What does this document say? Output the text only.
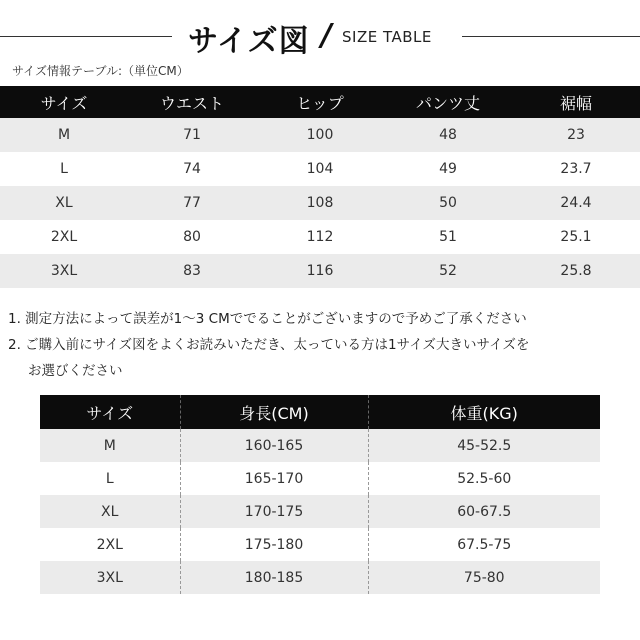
サイズ図 / SIZE TABLE
サイズ情報テーブル:（単位CM）
サイズ	ウエスト	ヒップ	パンツ丈	裾幅
M	71	100	48	23
L	74	104	49	23.7
XL	77	108	50	24.4
2XL	80	112	51	25.1
3XL	83	116	52	25.8
1. 測定方法によって誤差が1〜3 CMででることがございますので予めご了承ください
2. ご購入前にサイズ図をよくお読みいただき、太っている方は1サイズ大きいサイズを
お選びください
サイズ	身長(CM)	体重(KG)
M	160-165	45-52.5
L	165-170	52.5-60
XL	170-175	60-67.5
2XL	175-180	67.5-75
3XL	180-185	75-80
